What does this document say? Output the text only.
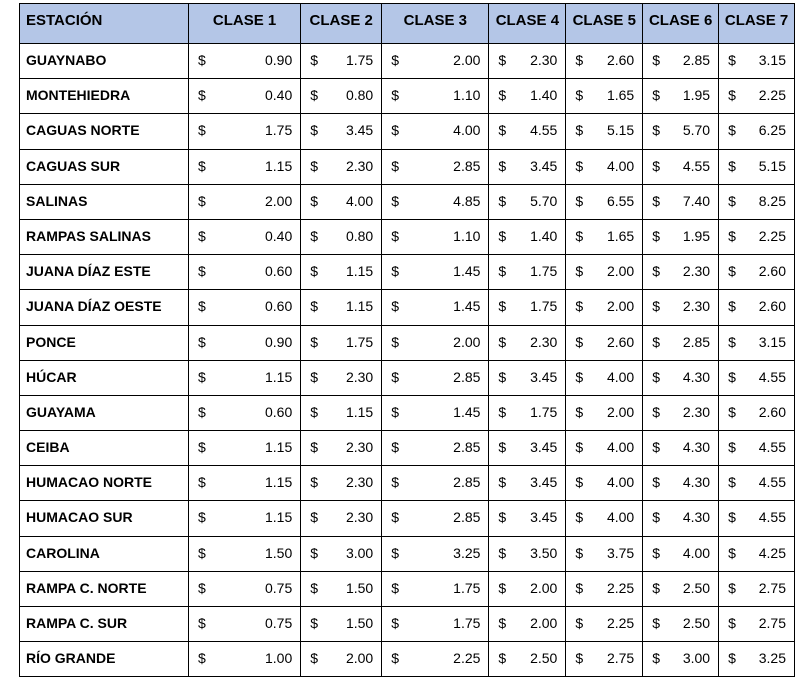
ESTACIÓN	CLASE 1	CLASE 2	CLASE 3	CLASE 4	CLASE 5	CLASE 6	CLASE 7
GUAYNABO	$ 0.90	$ 1.75	$ 2.00	$ 2.30	$ 2.60	$ 2.85	$ 3.15

MONTEHIEDRA	$ 0.40	$ 0.80	$ 1.10	$ 1.40	$ 1.65	$ 1.95	$ 2.25

CAGUAS NORTE	$ 1.75	$ 3.45	$ 4.00	$ 4.55	$ 5.15	$ 5.70	$ 6.25

CAGUAS SUR	$ 1.15	$ 2.30	$ 2.85	$ 3.45	$ 4.00	$ 4.55	$ 5.15

SALINAS	$ 2.00	$ 4.00	$ 4.85	$ 5.70	$ 6.55	$ 7.40	$ 8.25

RAMPAS SALINAS	$ 0.40	$ 0.80	$ 1.10	$ 1.40	$ 1.65	$ 1.95	$ 2.25

JUANA DÍAZ ESTE	$ 0.60	$ 1.15	$ 1.45	$ 1.75	$ 2.00	$ 2.30	$ 2.60

JUANA DÍAZ OESTE	$ 0.60	$ 1.15	$ 1.45	$ 1.75	$ 2.00	$ 2.30	$ 2.60

PONCE	$ 0.90	$ 1.75	$ 2.00	$ 2.30	$ 2.60	$ 2.85	$ 3.15

HÚCAR	$ 1.15	$ 2.30	$ 2.85	$ 3.45	$ 4.00	$ 4.30	$ 4.55

GUAYAMA	$ 0.60	$ 1.15	$ 1.45	$ 1.75	$ 2.00	$ 2.30	$ 2.60

CEIBA	$ 1.15	$ 2.30	$ 2.85	$ 3.45	$ 4.00	$ 4.30	$ 4.55

HUMACAO NORTE	$ 1.15	$ 2.30	$ 2.85	$ 3.45	$ 4.00	$ 4.30	$ 4.55

HUMACAO SUR	$ 1.15	$ 2.30	$ 2.85	$ 3.45	$ 4.00	$ 4.30	$ 4.55

CAROLINA	$ 1.50	$ 3.00	$ 3.25	$ 3.50	$ 3.75	$ 4.00	$ 4.25

RAMPA C. NORTE	$ 0.75	$ 1.50	$ 1.75	$ 2.00	$ 2.25	$ 2.50	$ 2.75

RAMPA C. SUR	$ 0.75	$ 1.50	$ 1.75	$ 2.00	$ 2.25	$ 2.50	$ 2.75

RÍO GRANDE	$ 1.00	$ 2.00	$ 2.25	$ 2.50	$ 2.75	$ 3.00	$ 3.25
